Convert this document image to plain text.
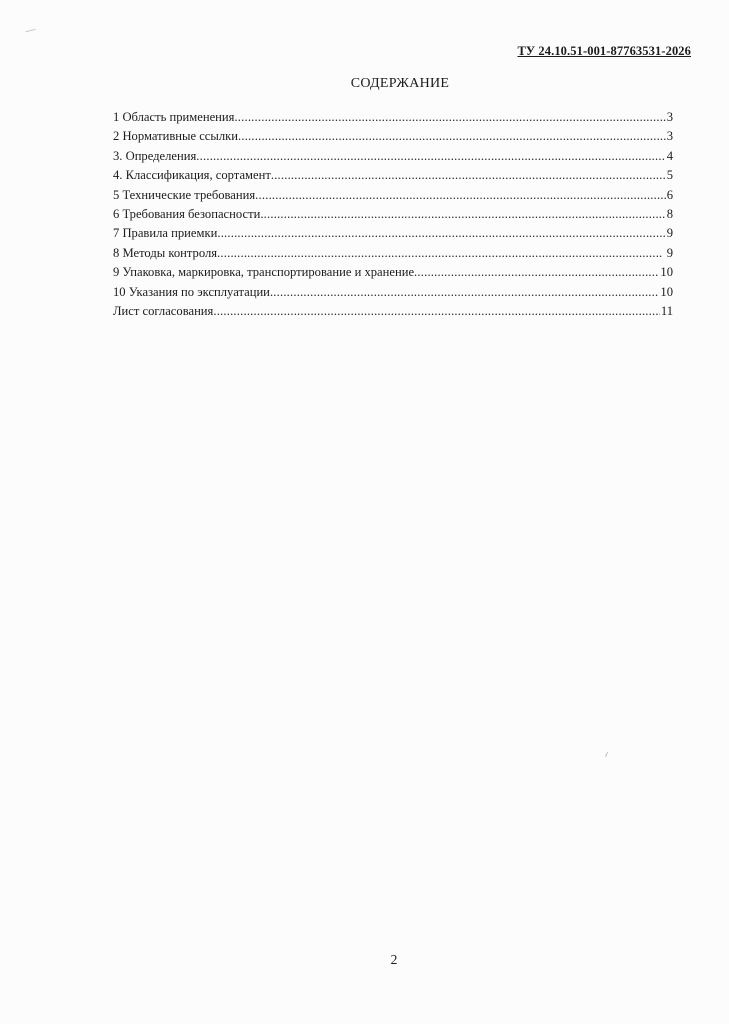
ТУ 24.10.51-001-87763531-2026
СОДЕРЖАНИЕ
1 Область применения .....	3
2 Нормативные ссылки .....	3
3. Определения .....	4
4. Классификация, сортамент .....	5
5 Технические требования .....	6
6 Требования безопасности .....	8
7 Правила приемки .....	9
8 Методы контроля .....	9
9 Упаковка, маркировка, транспортирование и хранение .....	10
10 Указания по эксплуатации .....	10
Лист согласования .....	11
2
